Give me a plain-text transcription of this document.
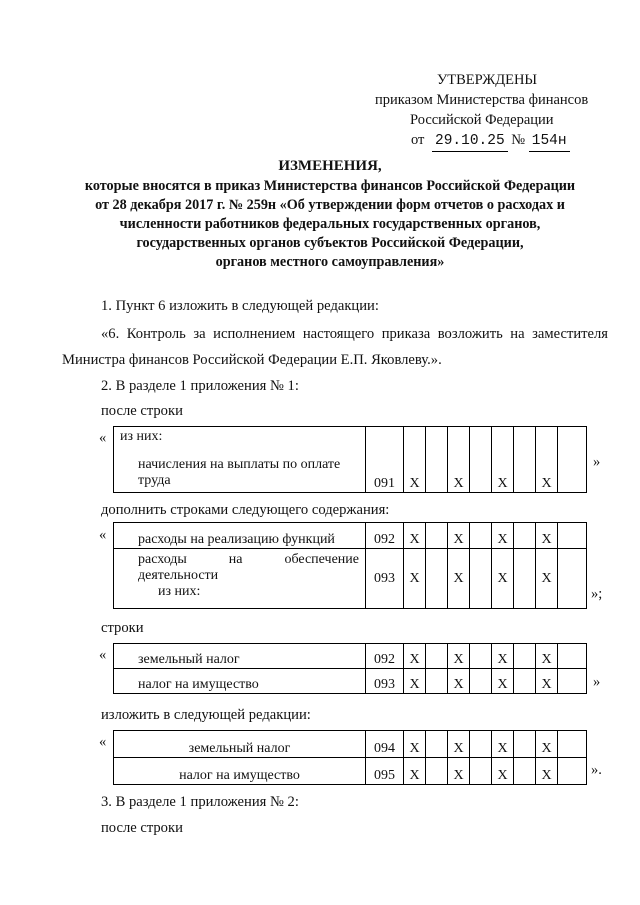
УТВЕРЖДЕНЫ
приказом Министерства финансов
Российской Федерации
от 29.10.25 № 154н
ИЗМЕНЕНИЯ,
которые вносятся в приказ Министерства финансов Российской Федерации
от 28 декабря 2017 г. № 259н «Об утверждении форм отчетов о расходах и
численности работников федеральных государственных органов,
государственных органов субъектов Российской Федерации,
органов местного самоуправления»
1. Пункт 6 изложить в следующей редакции:
«6. Контроль за исполнением настоящего приказа возложить на заместителя
Министра финансов Российской Федерации Е.П. Яковлеву.».
2. В разделе 1 приложения № 1:
после строки
« из них:
начисления на выплаты по оплате
труда	091	X		X		X		X	
»
дополнить строками следующего содержания:
« расходы на реализацию функций	092	X		X		X		X	

расходы на обеспечение
деятельности
из них:	093	X		X		X		X	
»;
строки
« земельный налог	092	X		X		X		X	
налог на имущество	093	X		X		X		X		»
изложить в следующей редакции:
«	земельный налог	094	X		X		X		X	
налог на имущество	095	X		X		X		X		».
3. В разделе 1 приложения № 2:
после строки
